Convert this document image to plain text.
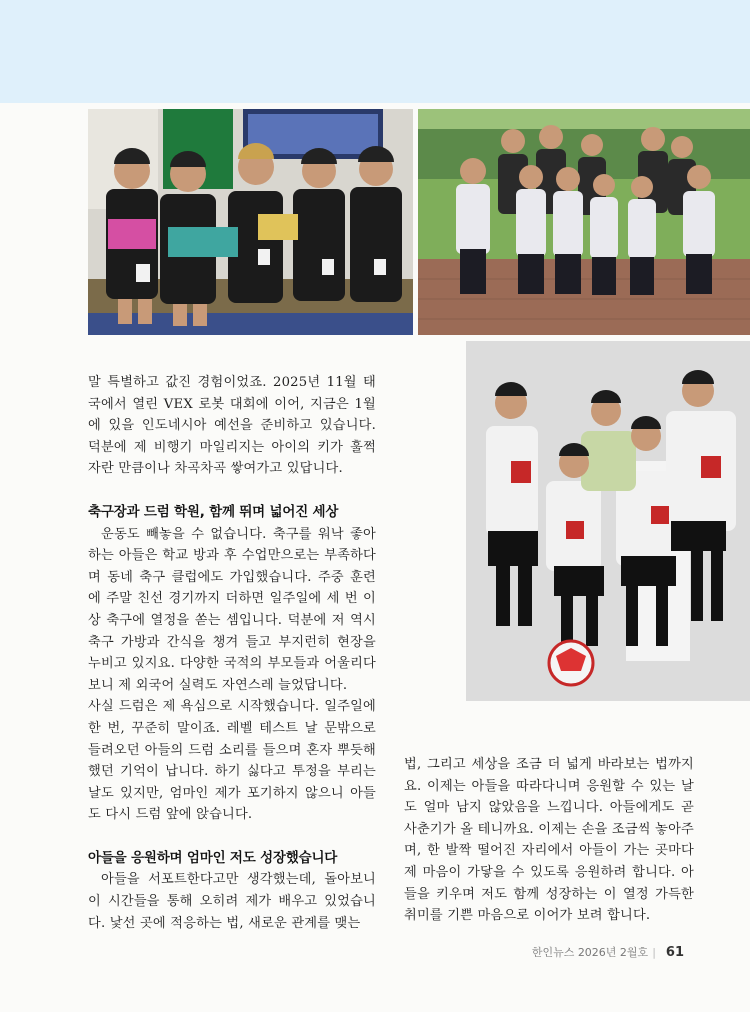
말 특별하고 값진 경험이었죠. 2025년 11월 태국에서 열린 VEX 로봇 대회에 이어, 지금은 1월에 있을 인도네시아 예선을 준비하고 있습니다. 덕분에 제 비행기 마일리지는 아이의 키가 훌쩍 자란 만큼이나 차곡차곡 쌓여가고 있답니다.

축구장과 드럼 학원, 함께 뛰며 넓어진 세상

운동도 빼놓을 수 없습니다. 축구를 워낙 좋아하는 아들은 학교 방과 후 수업만으로는 부족하다며 동네 축구 클럽에도 가입했습니다. 주중 훈련에 주말 친선 경기까지 더하면 일주일에 세 번 이상 축구에 열정을 쏟는 셈입니다. 덕분에 저 역시 축구 가방과 간식을 챙겨 들고 부지런히 현장을 누비고 있지요. 다양한 국적의 부모들과 어울리다 보니 제 외국어 실력도 자연스레 늘었답니다.

사실 드럼은 제 욕심으로 시작했습니다. 일주일에 한 번, 꾸준히 말이죠. 레벨 테스트 날 문밖으로 들려오던 아들의 드럼 소리를 들으며 혼자 뿌듯해했던 기억이 납니다. 하기 싫다고 투정을 부리는 날도 있지만, 엄마인 제가 포기하지 않으니 아들도 다시 드럼 앞에 앉습니다.

아들을 응원하며 엄마인 저도 성장했습니다

아들을 서포트한다고만 생각했는데, 돌아보니 이 시간들을 통해 오히려 제가 배우고 있었습니다. 낯선 곳에 적응하는 법, 새로운 관계를 맺는

법, 그리고 세상을 조금 더 넓게 바라보는 법까지요. 이제는 아들을 따라다니며 응원할 수 있는 날도 얼마 남지 않았음을 느낍니다. 아들에게도 곧 사춘기가 올 테니까요. 이제는 손을 조금씩 놓아주며, 한 발짝 떨어진 자리에서 아들이 가는 곳마다 제 마음이 가닿을 수 있도록 응원하려 합니다. 아들을 키우며 저도 함께 성장하는 이 열정 가득한 취미를 기쁜 마음으로 이어가 보려 합니다.

한인뉴스 2026년 2월호 | 61
